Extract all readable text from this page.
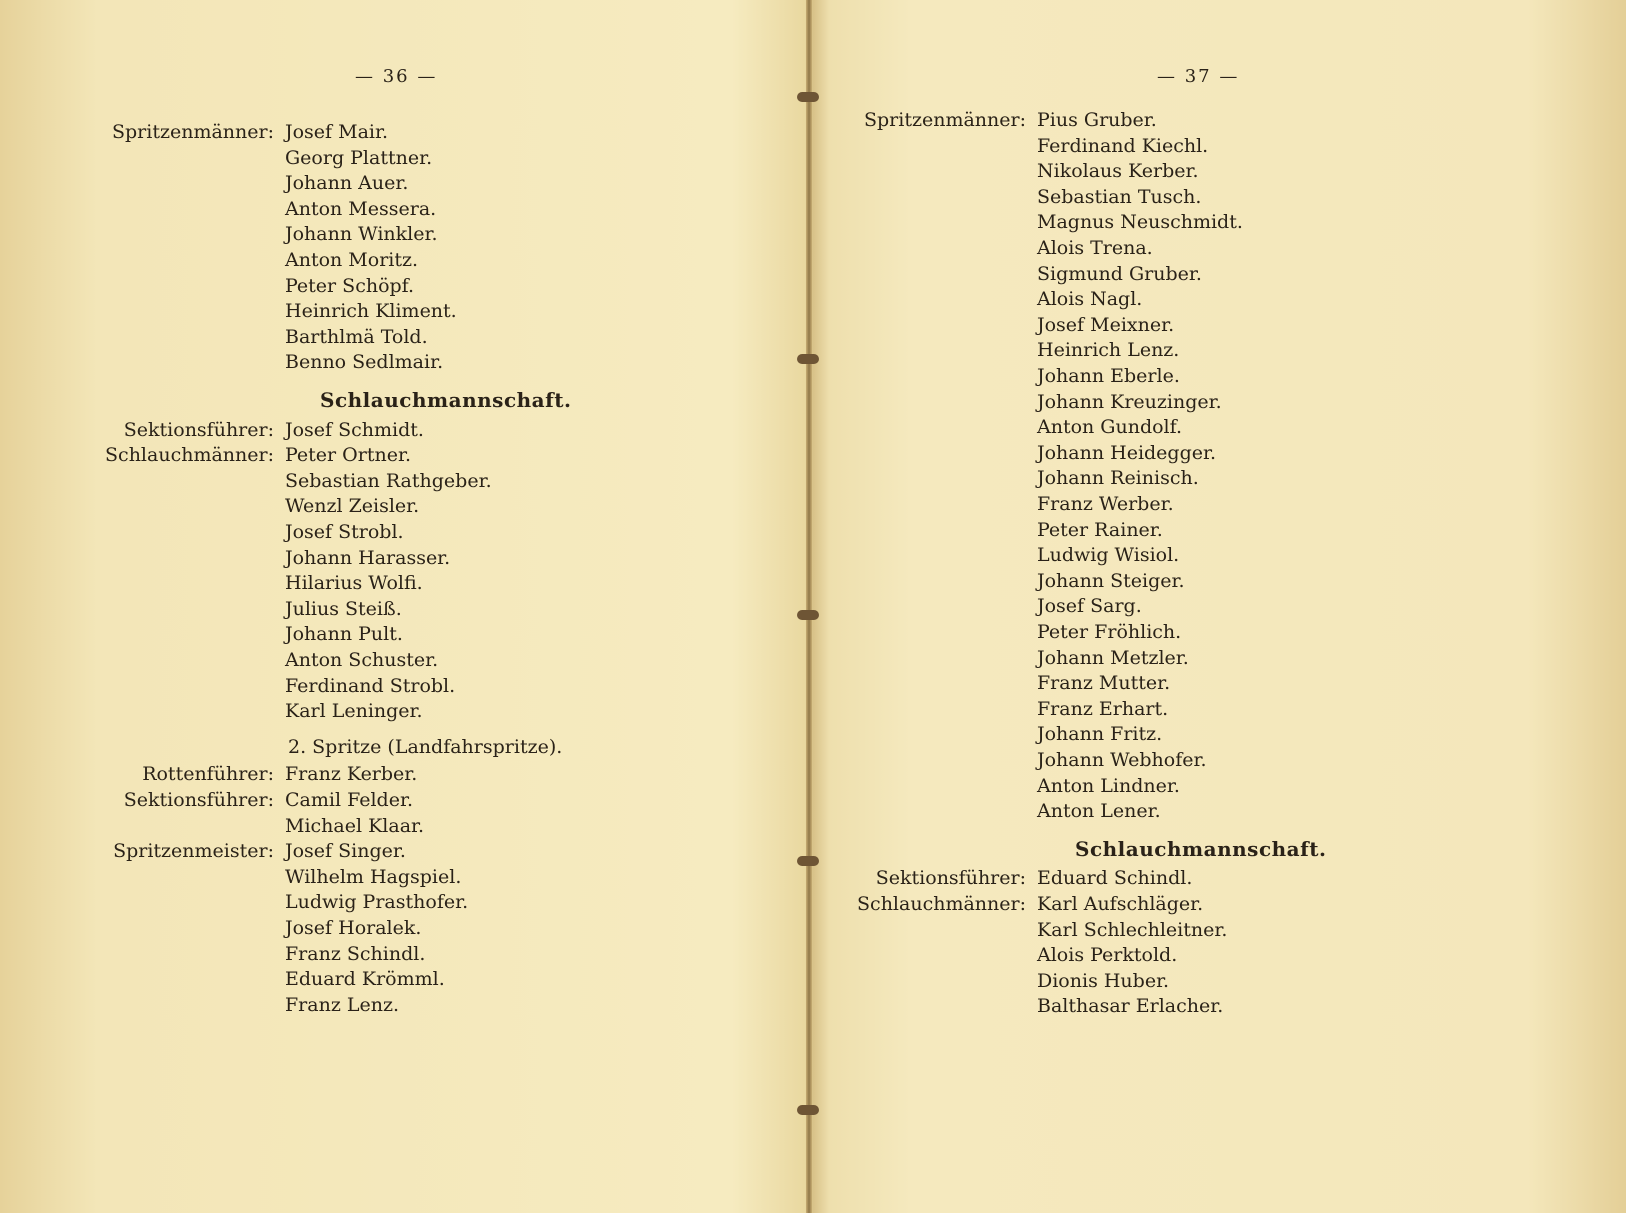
— 36 —
Spritzenmänner: Josef Mair.
Georg Plattner.
Johann Auer.
Anton Messera.
Johann Winkler.
Anton Moritz.
Peter Schöpf.
Heinrich Kliment.
Barthlmä Told.
Benno Sedlmair.
Schlauchmannschaft.
Sektionsführer: Josef Schmidt.
Schlauchmänner: Peter Ortner.
Sebastian Rathgeber.
Wenzl Zeisler.
Josef Strobl.
Johann Harasser.
Hilarius Wolfi.
Julius Steiß.
Johann Pult.
Anton Schuster.
Ferdinand Strobl.
Karl Leninger.
2. Spritze (Landfahrspritze).
Rottenführer: Franz Kerber.
Sektionsführer: Camil Felder.
Michael Klaar.
Spritzenmeister: Josef Singer.
Wilhelm Hagspiel.
Ludwig Prasthofer.
Josef Horalek.
Franz Schindl.
Eduard Krömml.
Franz Lenz.
— 37 —
Spritzenmänner: Pius Gruber.
Ferdinand Kiechl.
Nikolaus Kerber.
Sebastian Tusch.
Magnus Neuschmidt.
Alois Trena.
Sigmund Gruber.
Alois Nagl.
Josef Meixner.
Heinrich Lenz.
Johann Eberle.
Johann Kreuzinger.
Anton Gundolf.
Johann Heidegger.
Johann Reinisch.
Franz Werber.
Peter Rainer.
Ludwig Wisiol.
Johann Steiger.
Josef Sarg.
Peter Fröhlich.
Johann Metzler.
Franz Mutter.
Franz Erhart.
Johann Fritz.
Johann Webhofer.
Anton Lindner.
Anton Lener.
Schlauchmannschaft.
Sektionsführer: Eduard Schindl.
Schlauchmänner: Karl Aufschläger.
Karl Schlechleitner.
Alois Perktold.
Dionis Huber.
Balthasar Erlacher.
